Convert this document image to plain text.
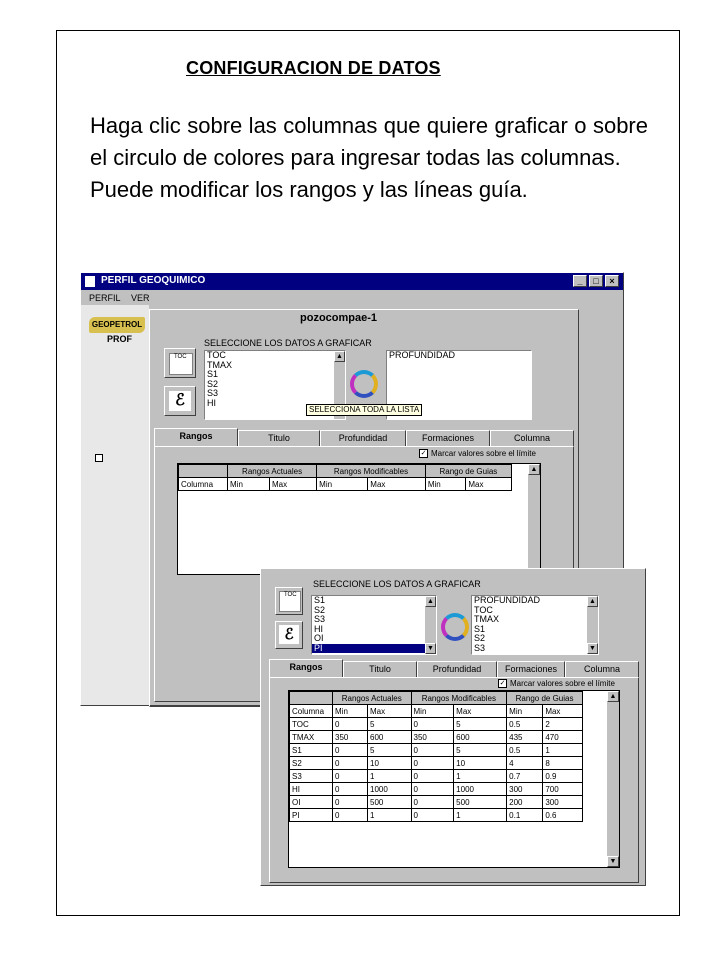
CONFIGURACION DE DATOS

Haga clic sobre las columnas que quiere graficar o sobre el circulo de colores para ingresar todas las columnas.

Puede modificar los rangos y las líneas guía.

PERFIL GEOQUIMICO	_	□	×
PERFIL VER
GEOPETROL
PROF
pozocompae-1
SELECCIONE LOS DATOS A GRAFICAR
TOC
ℰ
TOC
TMAX
S1
S2
S3
HI
▲	PROFUNDIDAD
SELECCIONA TODA LA LISTA
Rangos	Titulo	Profundidad	Formaciones	Columna
✓ Marcar valores sobre el límite
	Rangos Actuales		Rangos Modificables		Rango de Guias	
Columna	Min	Max	Min	Max	Min	Max
▲
SELECCIONE LOS DATOS A GRAFICAR
TOC
ℰ
S1
S2
S3
HI
OI
PI
▲
▼
PROFUNDIDAD
TOC
TMAX
S1
S2
S3
▲
▼
Rangos	Titulo	Profundidad	Formaciones	Columna
✓ Marcar valores sobre el límite
	Rangos Actuales		Rangos Modificables		Rango de Guias	
Columna	Min	Max	Min	Max	Min	Max
TOC	0	5	0	5	0.5	2
TMAX	350	600	350	600	435	470
S1	0	5	0	5	0.5	1
S2	0	10	0	10	4	8
S3	0	1	0	1	0.7	0.9
HI	0	1000	0	1000	300	700
OI	0	500	0	500	200	300
PI	0	1	0	1	0.1	0.6
▲
▼
